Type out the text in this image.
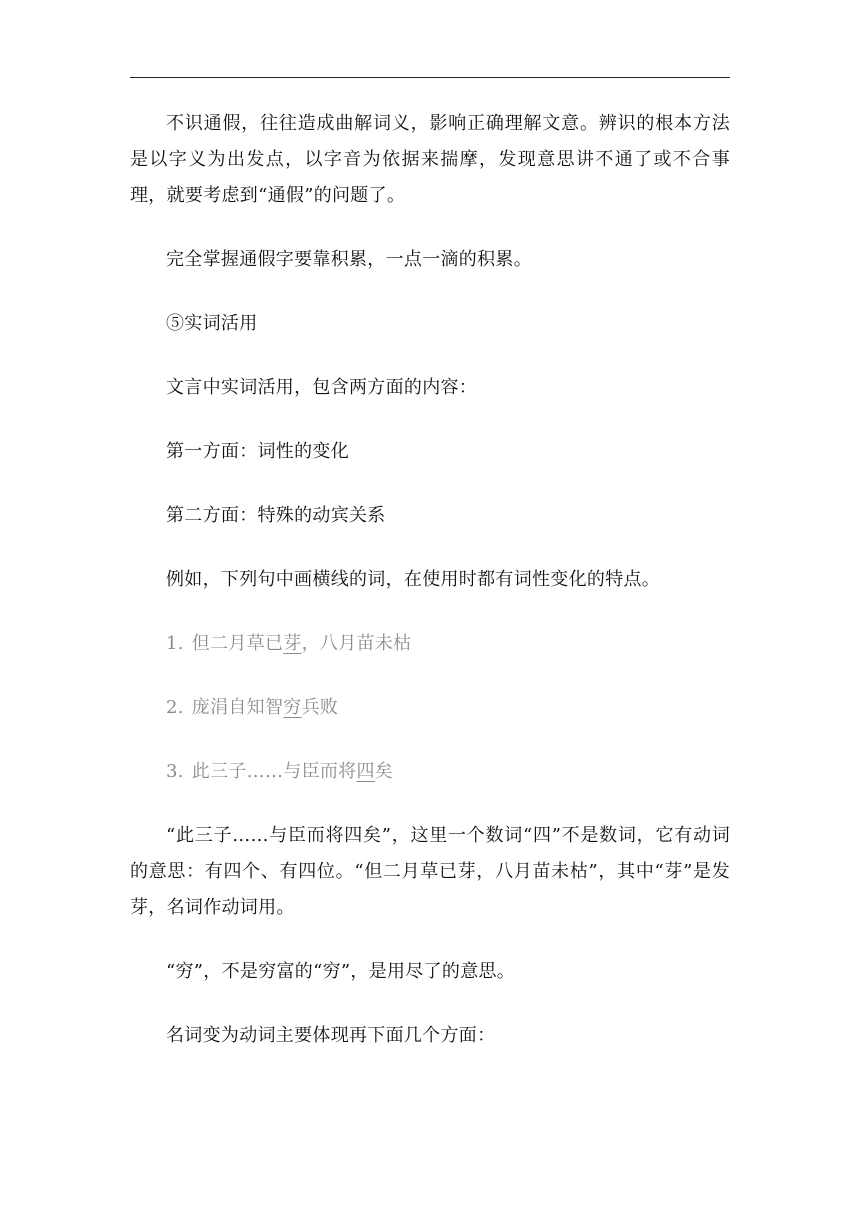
不识通假，往往造成曲解词义，影响正确理解文意。辨识的根本方法是以字义为出发点，以字音为依据来揣摩，发现意思讲不通了或不合事理，就要考虑到“通假”的问题了。

完全掌握通假字要靠积累，一点一滴的积累。

⑤实词活用

文言中实词活用，包含两方面的内容：

第一方面：词性的变化

第二方面：特殊的动宾关系

例如，下列句中画横线的词，在使用时都有词性变化的特点。

1. 但二月草已芽，八月苗未枯

2. 庞涓自知智穷兵败

3. 此三子……与臣而将四矣

“此三子……与臣而将四矣”，这里一个数词“四”不是数词，它有动词的意思：有四个、有四位。“但二月草已芽，八月苗未枯”，其中“芽”是发芽，名词作动词用。

“穷”，不是穷富的“穷”，是用尽了的意思。

名词变为动词主要体现再下面几个方面：
